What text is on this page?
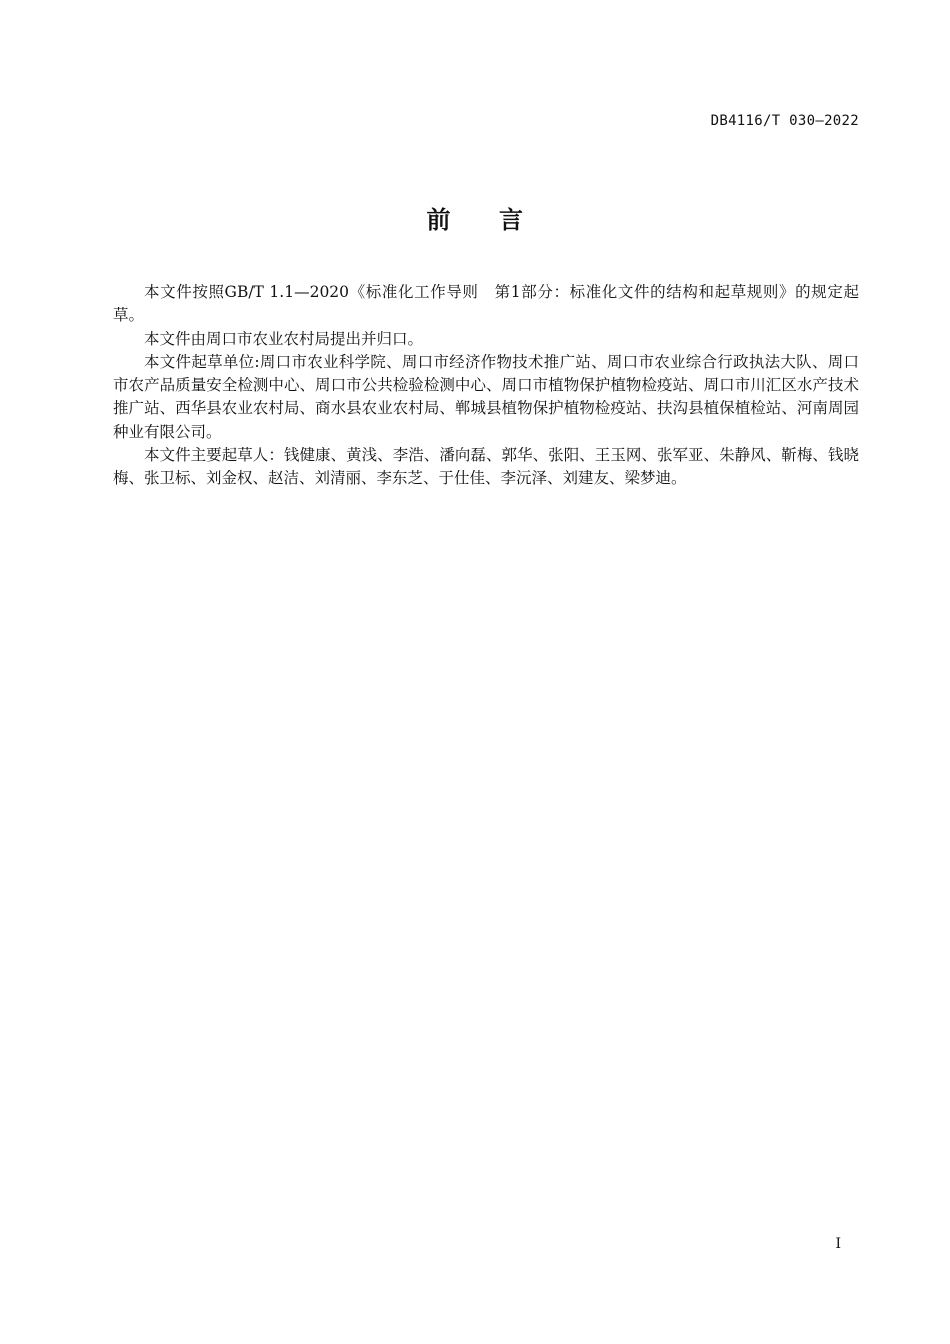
DB4116/T 030—2022
前 言

本文件按照GB/T 1.1—2020《标准化工作导则　第1部分：标准化文件的结构和起草规则》的规定起草。

本文件由周口市农业农村局提出并归口。

本文件起草单位:周口市农业科学院、周口市经济作物技术推广站、周口市农业综合行政执法大队、周口市农产品质量安全检测中心、周口市公共检验检测中心、周口市植物保护植物检疫站、周口市川汇区水产技术推广站、西华县农业农村局、商水县农业农村局、郸城县植物保护植物检疫站、扶沟县植保植检站、河南周园种业有限公司。

本文件主要起草人：钱健康、黄浅、李浩、潘向磊、郭华、张阳、王玉网、张军亚、朱静风、靳梅、钱晓梅、张卫标、刘金权、赵洁、刘清丽、李东芝、于仕佳、李沅泽、刘建友、梁梦迪。

I
